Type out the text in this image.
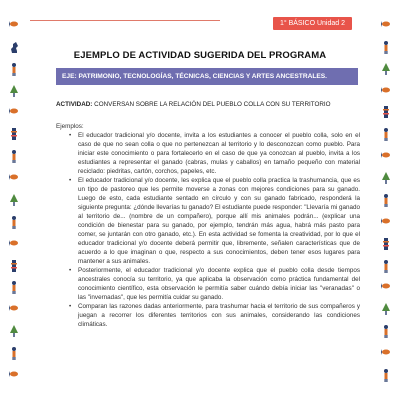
1° BÁSICO Unidad 2
EJEMPLO DE ACTIVIDAD SUGERIDA DEL PROGRAMA
EJE: PATRIMONIO, TECNOLOGÍAS, TÉCNICAS, CIENCIAS Y ARTES ANCESTRALES.
ACTIVIDAD: CONVERSAN SOBRE LA RELACIÓN DEL PUEBLO COLLA CON SU TERRITORIO
Ejemplos:
• El educador tradicional y/o docente, invita a los estudiantes a conocer el pueblo colla, solo en el caso de que no sean colla o que no pertenezcan al territorio y lo desconozcan como pueblo. Para iniciar este conocimiento o para fortalecerlo en el caso de que ya conozcan al pueblo, invita a los estudiantes a representar el ganado (cabras, mulas y caballos) en tamaño pequeño con material reciclado: piedritas, cartón, corchos, papeles, etc.
• El educador tradicional y/o docente, les explica que el pueblo colla practica la trashumancia, que es un tipo de pastoreo que les permite moverse a zonas con mejores condiciones para su ganado. Luego de esto, cada estudiante sentado en círculo y con su ganado fabricado, responderá la siguiente pregunta: ¿dónde llevarías tu ganado? El estudiante puede responder: "Llevaría mi ganado al territorio de... (nombre de un compañero), porque allí mis animales podrán... (explicar una condición de bienestar para su ganado, por ejemplo, tendrán más agua, habrá más pasto para comer, se juntarán con otro ganado, etc.). En esta actividad se fomenta la creatividad, por lo que el educador tradicional y/o docente deberá permitir que, libremente, señalen características que de acuerdo a lo que imaginan o que, respecto a sus conocimientos, deben tener esos lugares para mantener a sus animales.
• Posteriormente, el educador tradicional y/o docente explica que el pueblo colla desde tiempos ancestrales conocía su territorio, ya que aplicaba la observación como práctica fundamental del conocimiento científico, esta observación le permitía saber cuándo debía iniciar las "veranadas" o las "invernadas", que les permitía cuidar su ganado.
• Comparan las razones dadas anteriormente, para trashumar hacia el territorio de sus compañeros y juegan a recorrer los diferentes territorios con sus animales, considerando las condiciones climáticas.
